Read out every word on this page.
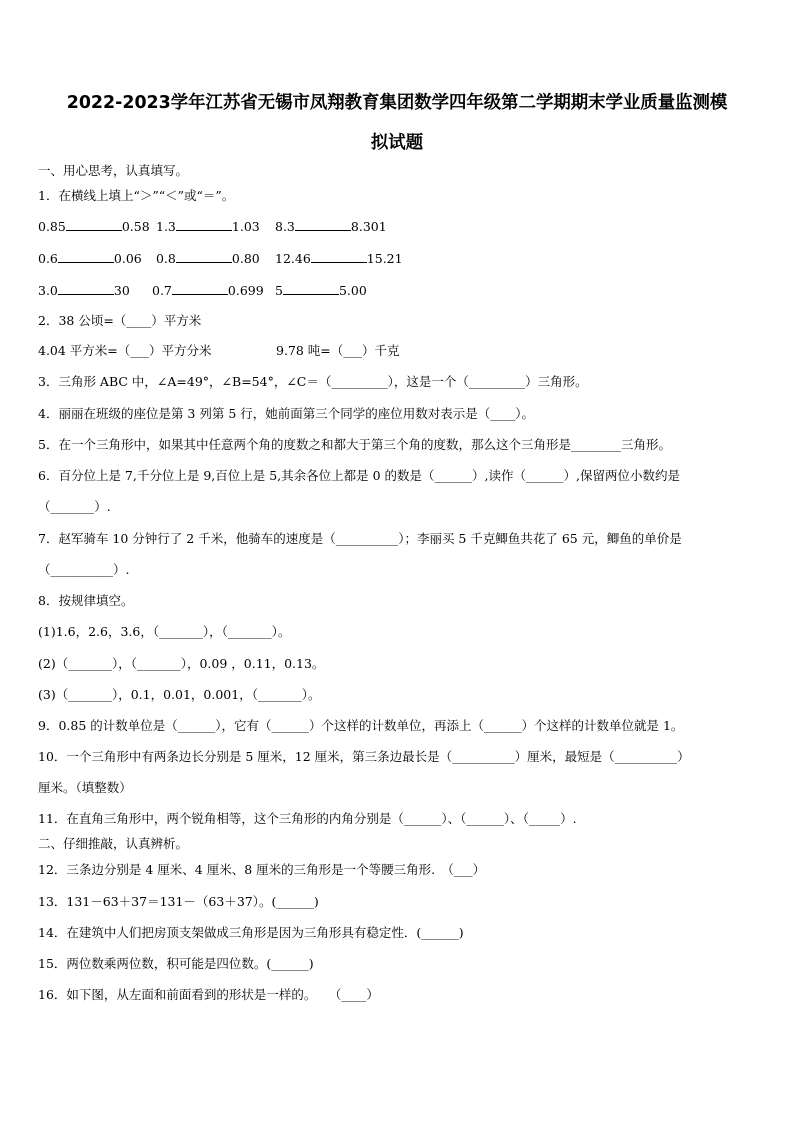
2022-2023学年江苏省无锡市凤翔教育集团数学四年级第二学期期末学业质量监测模
拟试题
一、用心思考，认真填写。
1．在横线上填上“＞”“＜”或“＝”。
0.85	0.58 1.3	1.03 8.3	8.301
0.6	0.06 0.8	0.80 12.46	15.21
3.0	30 0.7	0.699 5	5.00
2．38 公顷=（____）平方米
4.04 平方米=（___）平方分米	9.78 吨=（___）千克
3．三角形 ABC 中，∠A=49°，∠B=54°，∠C＝（_________），这是一个（_________）三角形。
4．丽丽在班级的座位是第 3 列第 5 行，她前面第三个同学的座位用数对表示是（____）。
5．在一个三角形中，如果其中任意两个角的度数之和都大于第三个角的度数，那么这个三角形是________三角形。
6．百分位上是 7,千分位上是 9,百位上是 5,其余各位上都是 0 的数是（______）,读作（______）,保留两位小数约是
（_______）.
7．赵军骑车 10 分钟行了 2 千米，他骑车的速度是（__________）；李丽买 5 千克鲫鱼共花了 65 元，鲫鱼的单价是
（__________）.
8．按规律填空。
(1)1.6，2.6，3.6，（_______），（_______）。
(2)（_______），（_______），0.09 ，0.11，0.13。
(3)（_______），0.1，0.01，0.001，（_______）。
9．0.85 的计数单位是（______），它有（______）个这样的计数单位，再添上（______）个这样的计数单位就是 1。
10．一个三角形中有两条边长分别是 5 厘米，12 厘米，第三条边最长是（__________）厘米，最短是（__________）
厘米。（填整数）
11．在直角三角形中，两个锐角相等，这个三角形的内角分别是（______）、（______）、（_____）.
二、仔细推敲，认真辨析。
12．三条边分别是 4 厘米、4 厘米、8 厘米的三角形是一个等腰三角形.　（___）
13．131－63＋37＝131－（63＋37）。(______)
14．在建筑中人们把房顶支架做成三角形是因为三角形具有稳定性．(______)
15．两位数乘两位数，积可能是四位数。(______)
16．如下图，从左面和前面看到的形状是一样的。　　（____）
